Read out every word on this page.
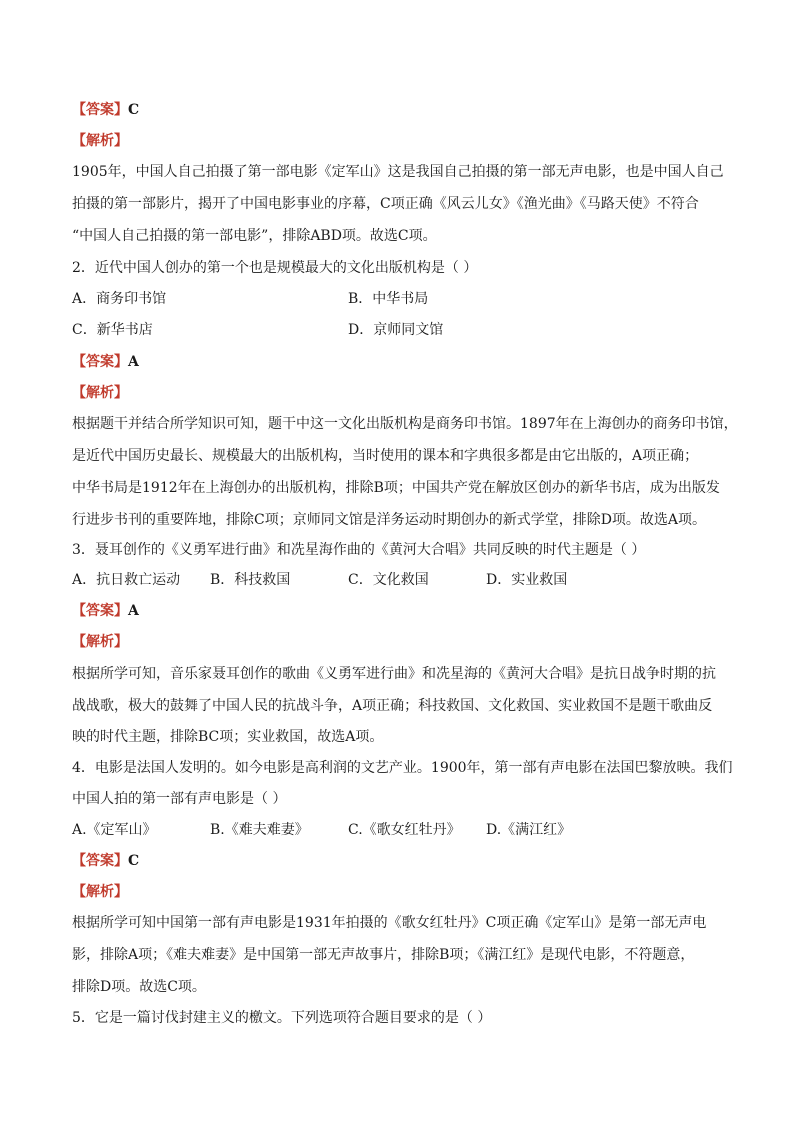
【答案】C
【解析】
1905年，中国人自己拍摄了第一部电影《定军山》这是我国自己拍摄的第一部无声电影，也是中国人自己
拍摄的第一部影片，揭开了中国电影事业的序幕，C项正确《风云儿女》《渔光曲》《马路天使》不符合
“中国人自己拍摄的第一部电影”，排除ABD项。故选C项。
2．近代中国人创办的第一个也是规模最大的文化出版机构是（ ）
A．商务印书馆	B．中华书局
C．新华书店	D．京师同文馆
【答案】A
【解析】
根据题干并结合所学知识可知，题干中这一文化出版机构是商务印书馆。1897年在上海创办的商务印书馆，
是近代中国历史最长、规模最大的出版机构，当时使用的课本和字典很多都是由它出版的，A项正确；
中华书局是1912年在上海创办的出版机构，排除B项；中国共产党在解放区创办的新华书店，成为出版发
行进步书刊的重要阵地，排除C项；京师同文馆是洋务运动时期创办的新式学堂，排除D项。故选A项。
3．聂耳创作的《义勇军进行曲》和冼星海作曲的《黄河大合唱》共同反映的时代主题是（ ）
A．抗日救亡运动 B．科技救国	C．文化救国	D．实业救国
【答案】A
【解析】
根据所学可知，音乐家聂耳创作的歌曲《义勇军进行曲》和冼星海的《黄河大合唱》是抗日战争时期的抗
战战歌，极大的鼓舞了中国人民的抗战斗争，A项正确；科技救国、文化救国、实业救国不是题干歌曲反
映的时代主题，排除BC项；实业救国，故选A项。
4．电影是法国人发明的。如今电影是高利润的文艺产业。1900年，第一部有声电影在法国巴黎放映。我们
中国人拍的第一部有声电影是（ ）
A.《定军山》	B.《难夫难妻》	C.《歌女红牡丹》 D.《满江红》
【答案】C
【解析】
根据所学可知中国第一部有声电影是1931年拍摄的《歌女红牡丹》C项正确《定军山》是第一部无声电
影，排除A项；《难夫难妻》是中国第一部无声故事片，排除B项；《满江红》是现代电影，不符题意，
排除D项。故选C项。
5．它是一篇讨伐封建主义的檄文。下列选项符合题目要求的是（ ）
